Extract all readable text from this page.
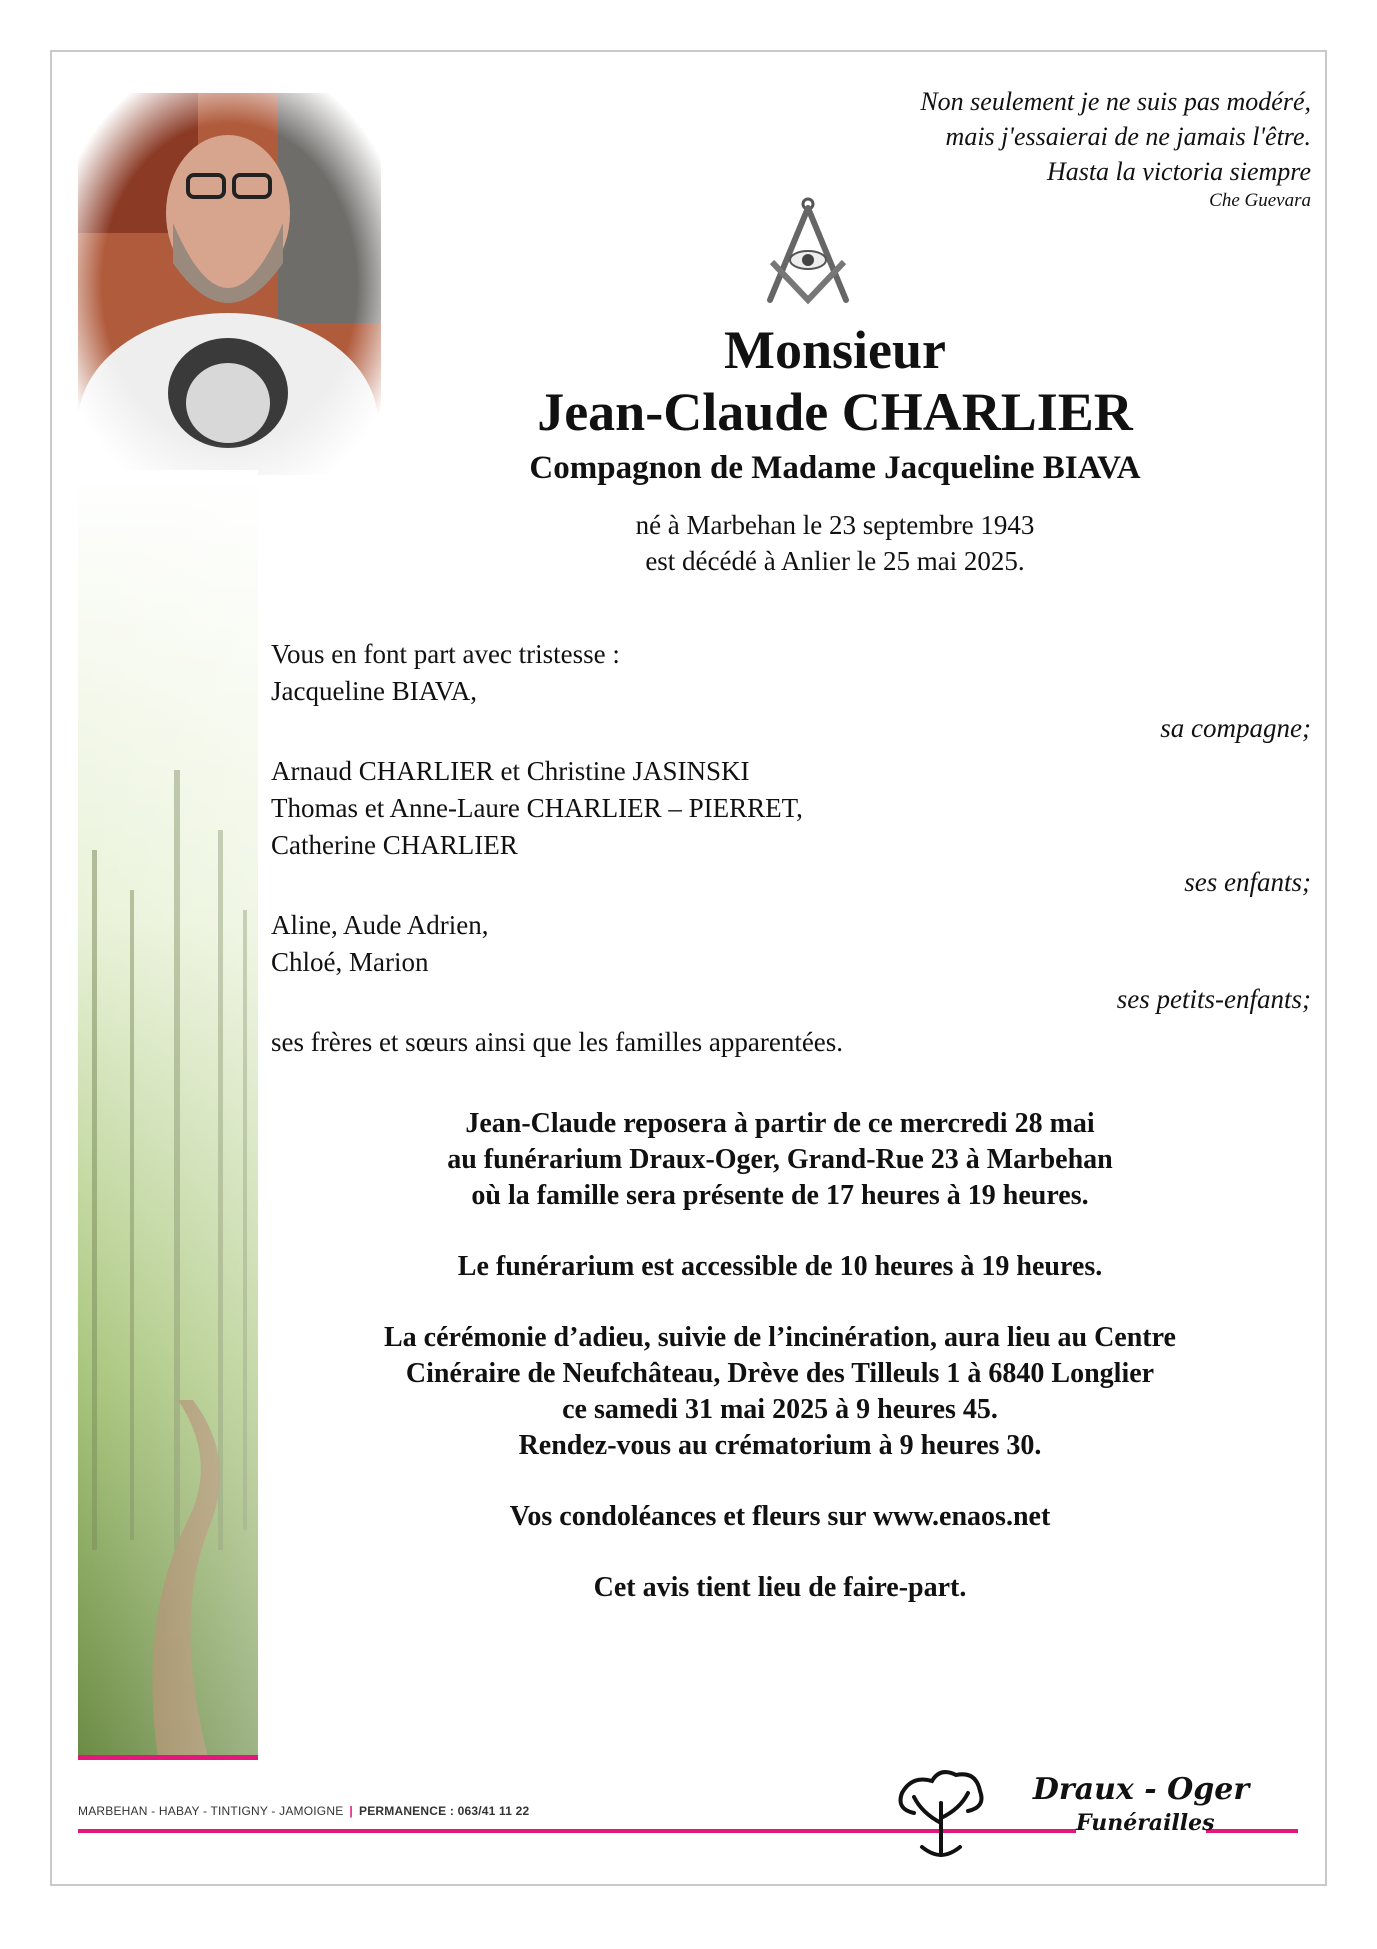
Non seulement je ne suis pas modéré,
mais j'essaierai de ne jamais l'être.
Hasta la victoria siempre
Che Guevara
Monsieur
Jean-Claude CHARLIER
Compagnon de Madame Jacqueline BIAVA
né à Marbehan le 23 septembre 1943
est décédé à Anlier le 25 mai 2025.
Vous en font part avec tristesse :
Jacqueline BIAVA,
sa compagne;
Arnaud CHARLIER et Christine JASINSKI
Thomas et Anne-Laure CHARLIER – PIERRET,
Catherine CHARLIER
ses enfants;
Aline, Aude Adrien,
Chloé, Marion
ses petits-enfants;
ses frères et sœurs ainsi que les familles apparentées.
Jean-Claude reposera à partir de ce mercredi 28 mai
au funérarium Draux-Oger, Grand-Rue 23 à Marbehan
où la famille sera présente de 17 heures à 19 heures.
Le funérarium est accessible de 10 heures à 19 heures.
La cérémonie d’adieu, suivie de l’incinération, aura lieu au Centre
Cinéraire de Neufchâteau, Drève des Tilleuls 1 à 6840 Longlier
ce samedi 31 mai 2025 à 9 heures 45.
Rendez-vous au crématorium à 9 heures 30.
Vos condoléances et fleurs sur www.enaos.net
Cet avis tient lieu de faire-part.
MARBEHAN - HABAY - TINTIGNY - JAMOIGNE | PERMANENCE : 063/41 11 22
Draux - Oger
Funérailles
